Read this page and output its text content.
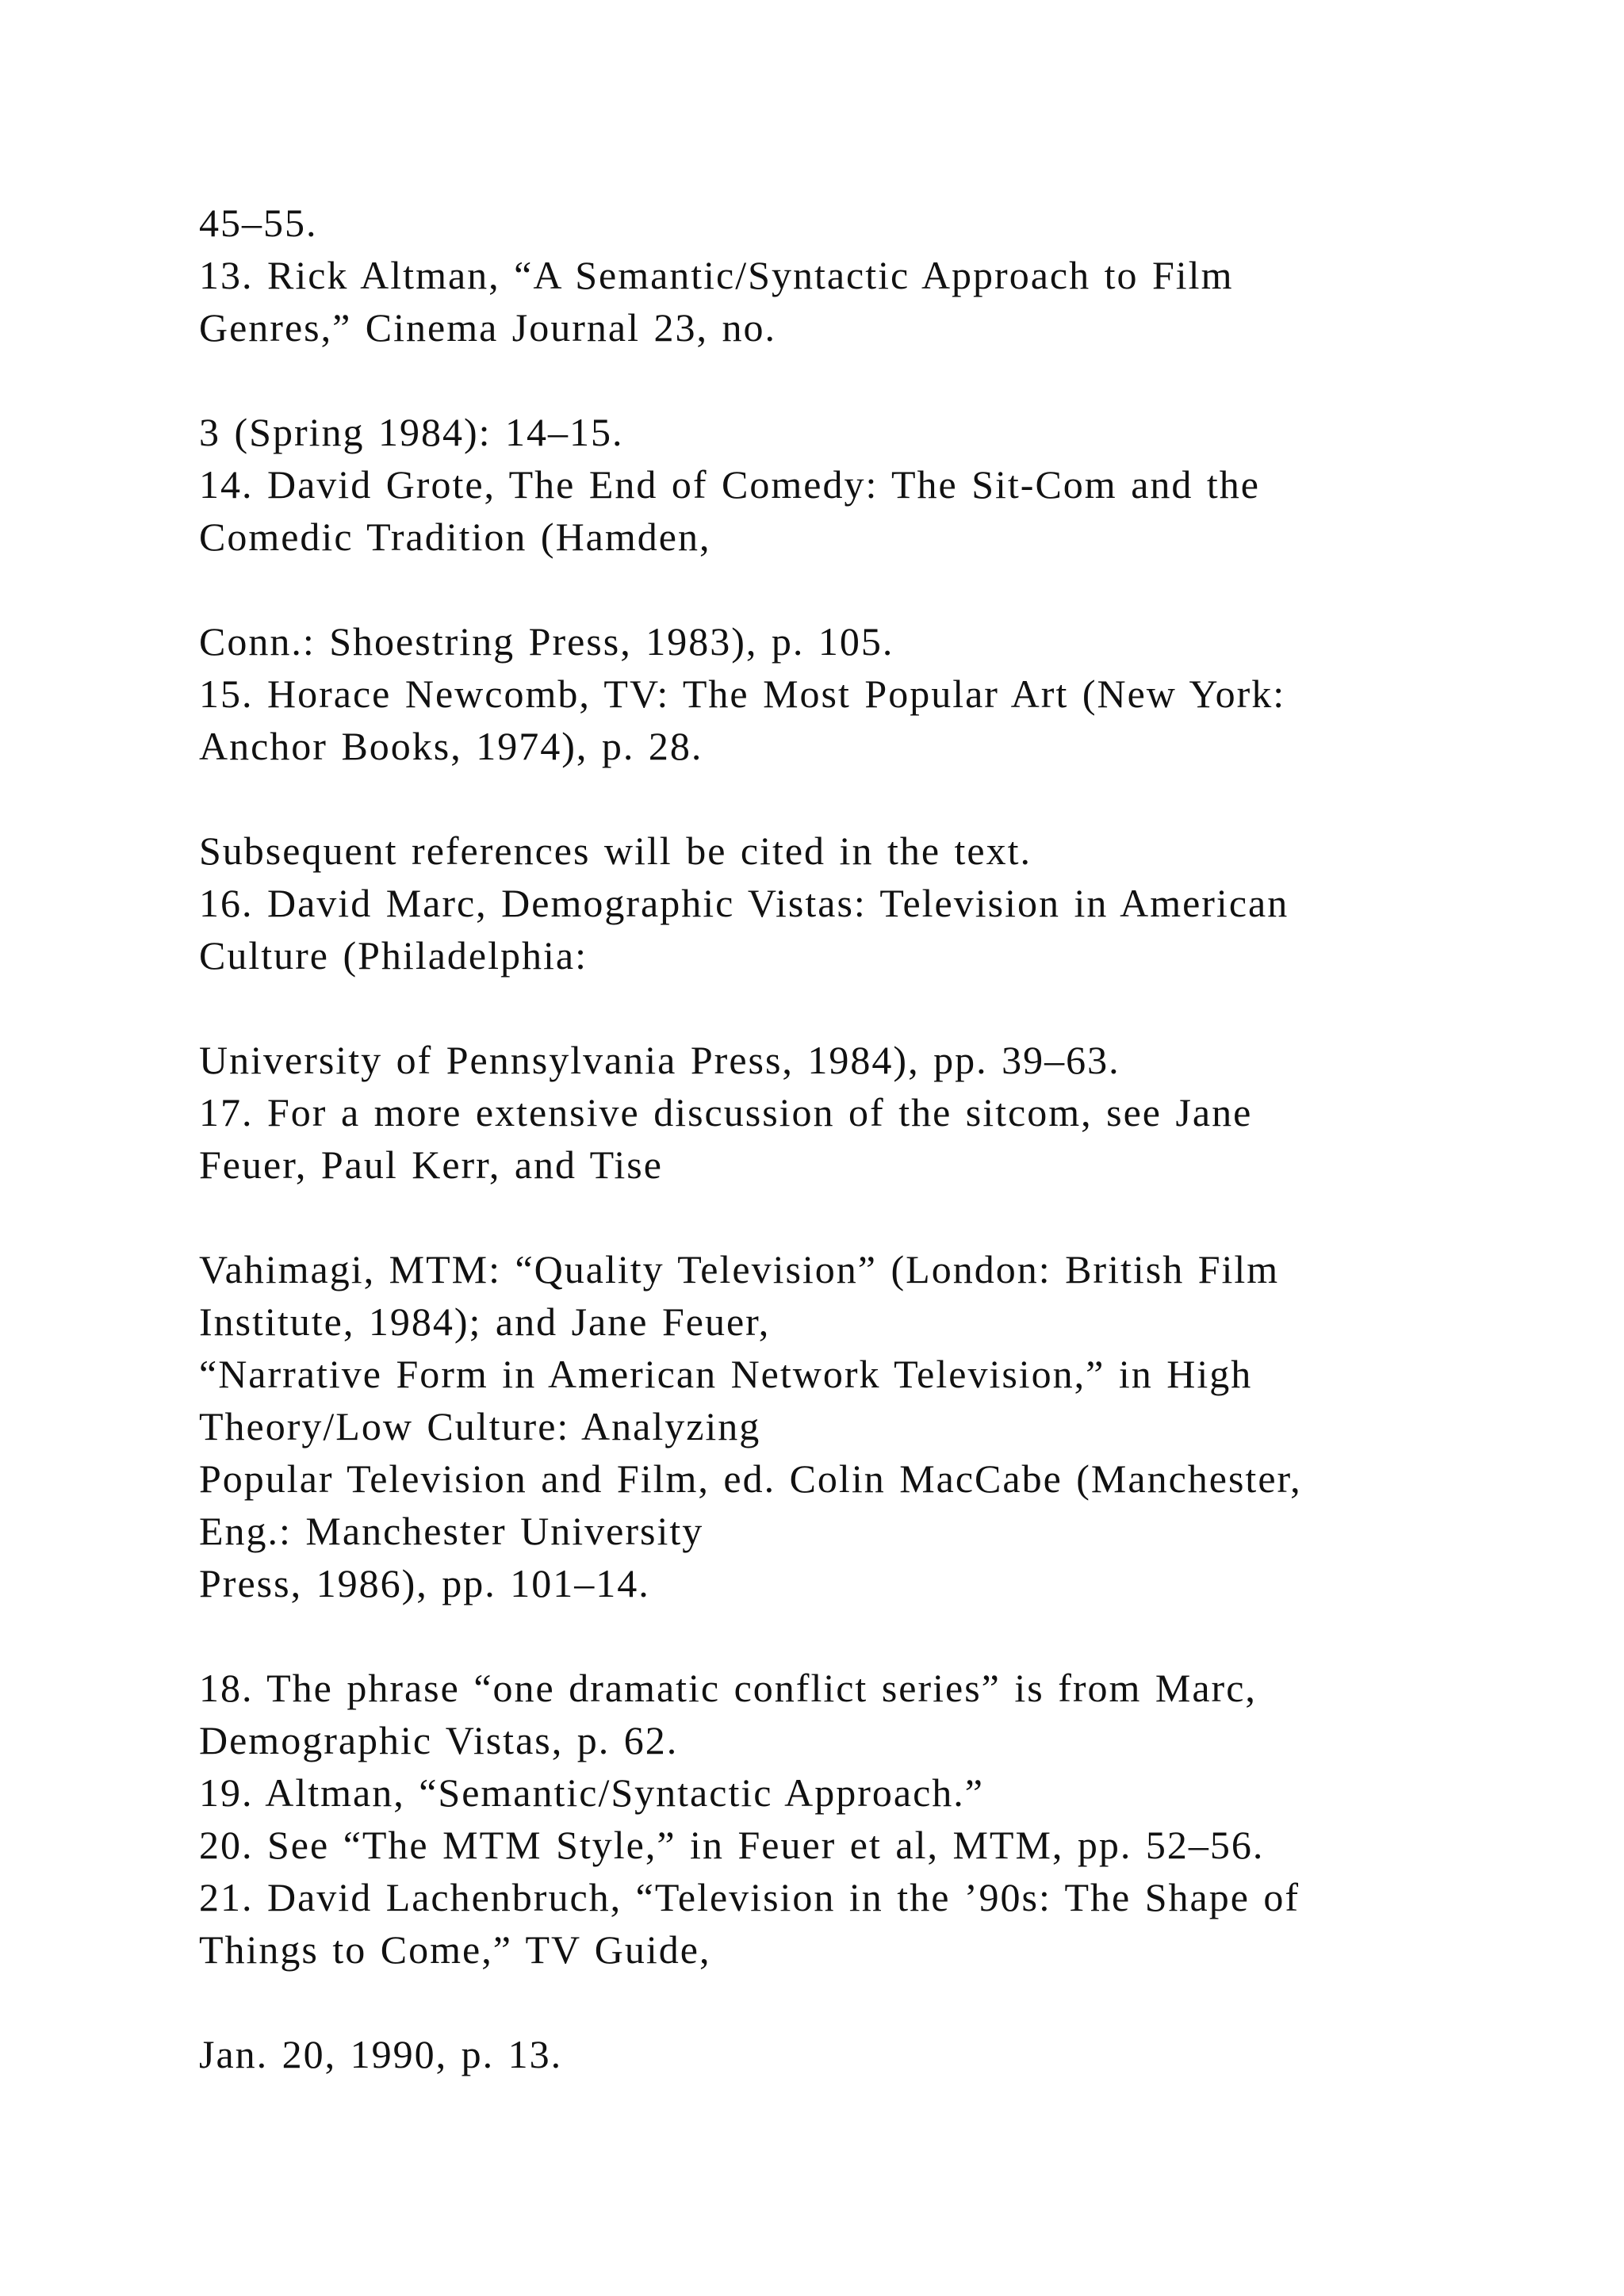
45–55.
13. Rick Altman, “A Semantic/Syntactic Approach to Film
Genres,” Cinema Journal 23, no.
3 (Spring 1984): 14–15.
14. David Grote, The End of Comedy: The Sit-Com and the
Comedic Tradition (Hamden,
Conn.: Shoestring Press, 1983), p. 105.
15. Horace Newcomb, TV: The Most Popular Art (New York:
Anchor Books, 1974), p. 28.
Subsequent references will be cited in the text.
16. David Marc, Demographic Vistas: Television in American
Culture (Philadelphia:
University of Pennsylvania Press, 1984), pp. 39–63.
17. For a more extensive discussion of the sitcom, see Jane
Feuer, Paul Kerr, and Tise
Vahimagi, MTM: “Quality Television” (London: British Film
Institute, 1984); and Jane Feuer,
“Narrative Form in American Network Television,” in High
Theory/Low Culture: Analyzing
Popular Television and Film, ed. Colin MacCabe (Manchester,
Eng.: Manchester University
Press, 1986), pp. 101–14.
18. The phrase “one dramatic conflict series” is from Marc,
Demographic Vistas, p. 62.
19. Altman, “Semantic/Syntactic Approach.”
20. See “The MTM Style,” in Feuer et al, MTM, pp. 52–56.
21. David Lachenbruch, “Television in the ’90s: The Shape of
Things to Come,” TV Guide,
Jan. 20, 1990, p. 13.
